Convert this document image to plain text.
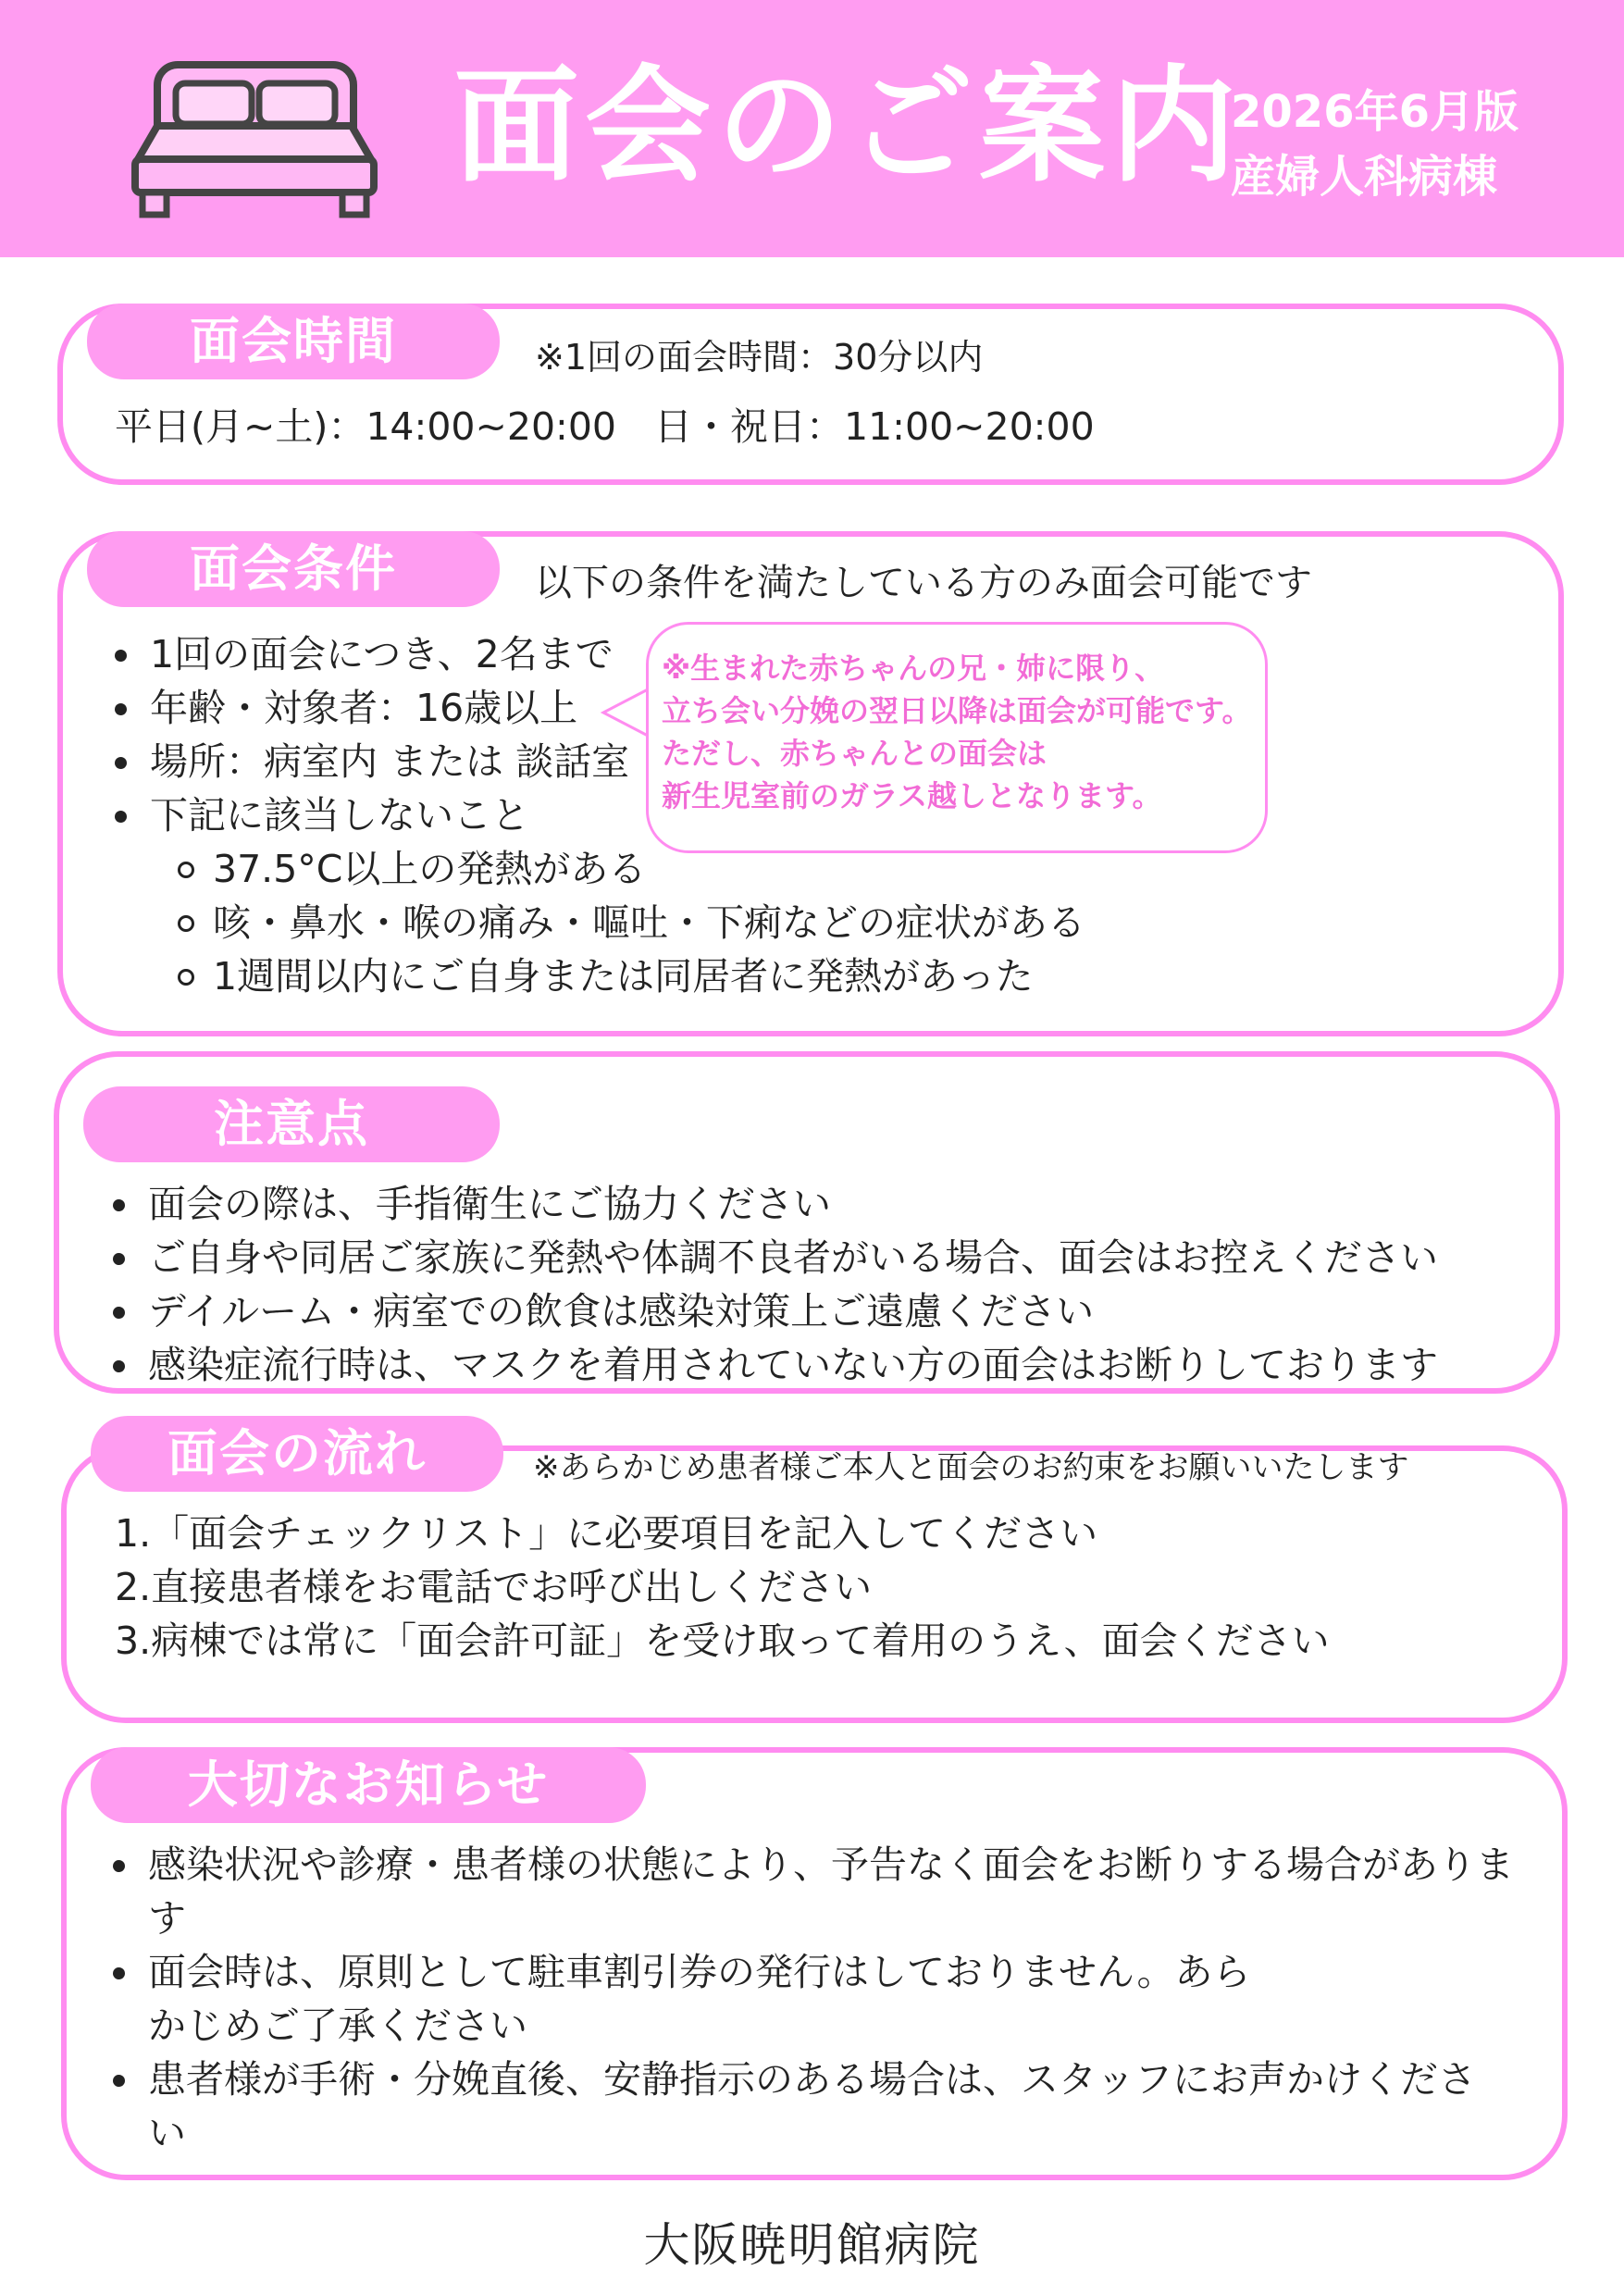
面会のご案内
2026年6月版
産婦人科病棟
面会時間	※1回の面会時間：30分以内
平日(月~土)：14:00~20:00　日・祝日：11:00~20:00
面会条件	以下の条件を満たしている方のみ面会可能です
1回の面会につき、2名まで
年齢・対象者：16歳以上
場所：病室内 または 談話室
下記に該当しないこと
37.5°C以上の発熱がある
咳・鼻水・喉の痛み・嘔吐・下痢などの症状がある
1週間以内にご自身または同居者に発熱があった
※生まれた赤ちゃんの兄・姉に限り、
立ち会い分娩の翌日以降は面会が可能です。
ただし、赤ちゃんとの面会は
新生児室前のガラス越しとなります。
注意点
面会の際は、手指衛生にご協力ください
ご自身や同居ご家族に発熱や体調不良者がいる場合、面会はお控えください
デイルーム・病室での飲食は感染対策上ご遠慮ください
感染症流行時は、マスクを着用されていない方の面会はお断りしております
面会の流れ	※あらかじめ患者様ご本人と面会のお約束をお願いいたします
1.「面会チェックリスト」に必要項目を記入してください
2.直接患者様をお電話でお呼び出しください
3.病棟では常に「面会許可証」を受け取って着用のうえ、面会ください
大切なお知らせ
感染状況や診療・患者様の状態により、予告なく面会をお断りする場合があります
面会時は、原則として駐車割引券の発行はしておりません。あらかじめご了承ください
患者様が手術・分娩直後、安静指示のある場合は、スタッフにお声かけください
大阪暁明館病院
